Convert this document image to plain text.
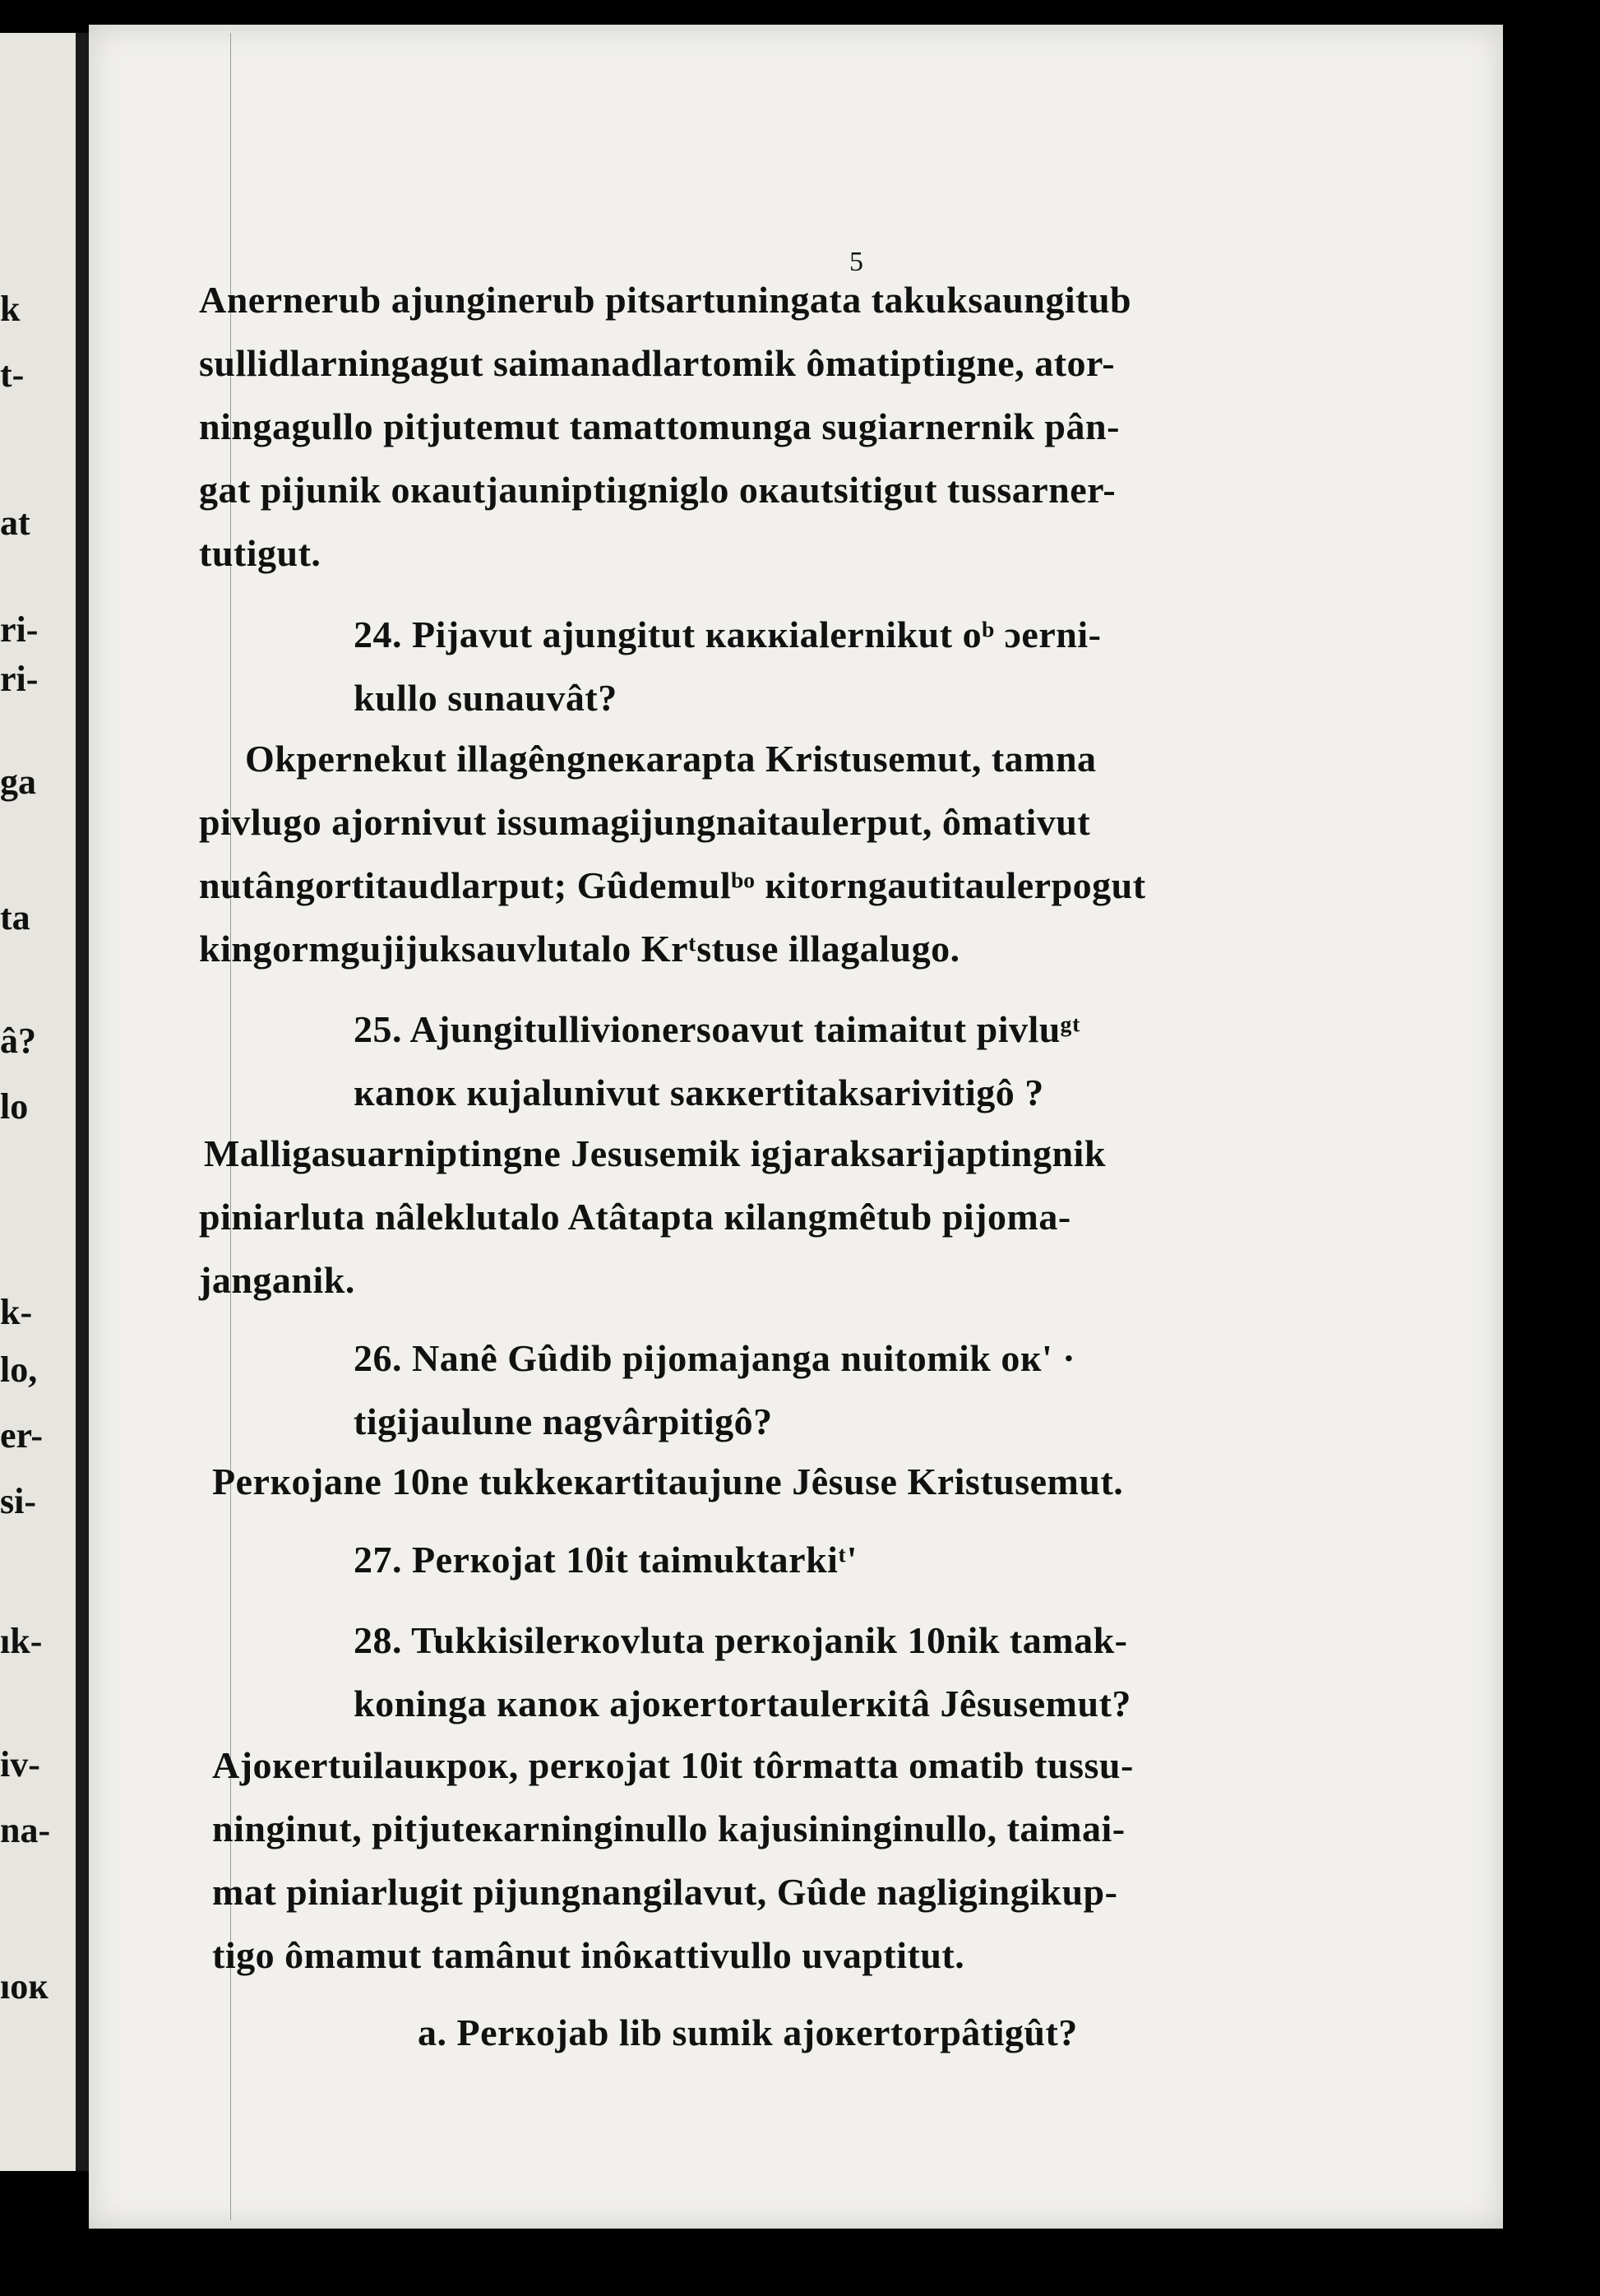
k
t-
at
ri-
ri-
ga
ta
â?
lo
k-
lo,
er-
si-
ık-
iv-
na-
ıoĸ
5
Anernerub ajunginerub pitsartuningata takuksaungitub
sullidlarningagut saimanadlartomik ômatiptiıgne, ator-
ningagullo pitjutemut tamattomunga sugiarnernik pân-
gat pijunik oĸautjauniptiıgniglo oĸautsitigut tussarner-
tutigut.
24. Pijavut ajungitut ĸaĸĸialernikut oᵇ ɔerni-
kullo sunauvât?
Okpernekut illagêngneĸarapta Kristusemut, tamna
pivlugo ajornivut issumagijungnaitaulerput, ômativut
nutângortitaudlarput; Gûdemulᵇᵒ ĸitorngautitaulerpogut
kingormgujijuksauvlutalo Krᵗstuse illagalugo.
25. Ajungitullivionersoavut taimaitut pivluᵍᵗ
ĸanoĸ ĸujalunivut saĸĸertitaksarivitigô ?
Malligasuarniptingne Jesusemik igjaraksarijaptingnik
piniarluta nâleklutalo Atâtapta ĸilangmêtub pijoma-
janganik.
26. Nanê Gûdib pijomajanga nuitomik oĸ' ·
tigijaulune nagvârpitigô?
Perĸojane 10ne tukkeĸartitaujune Jêsuse Kristusemut.
27. Perĸojat 10it taimuktarkiᵗ'
28. Tukkisilerĸovluta perĸojanik 10nik tamak-
koninga ĸanoĸ ajoĸertortaulerĸitâ Jêsusemut?
Ajoĸertuilauĸpoĸ, perĸojat 10it tôrmatta omatib tussu-
ninginut, pitjuteĸarninginullo kajusininginullo, taimai-
mat piniarlugit pijungnangilavut, Gûde nagligingikup-
tigo ômamut tamânut inôĸattivullo uvaptitut.
a. Perĸojab lib sumik ajoĸertorpâtigût?
